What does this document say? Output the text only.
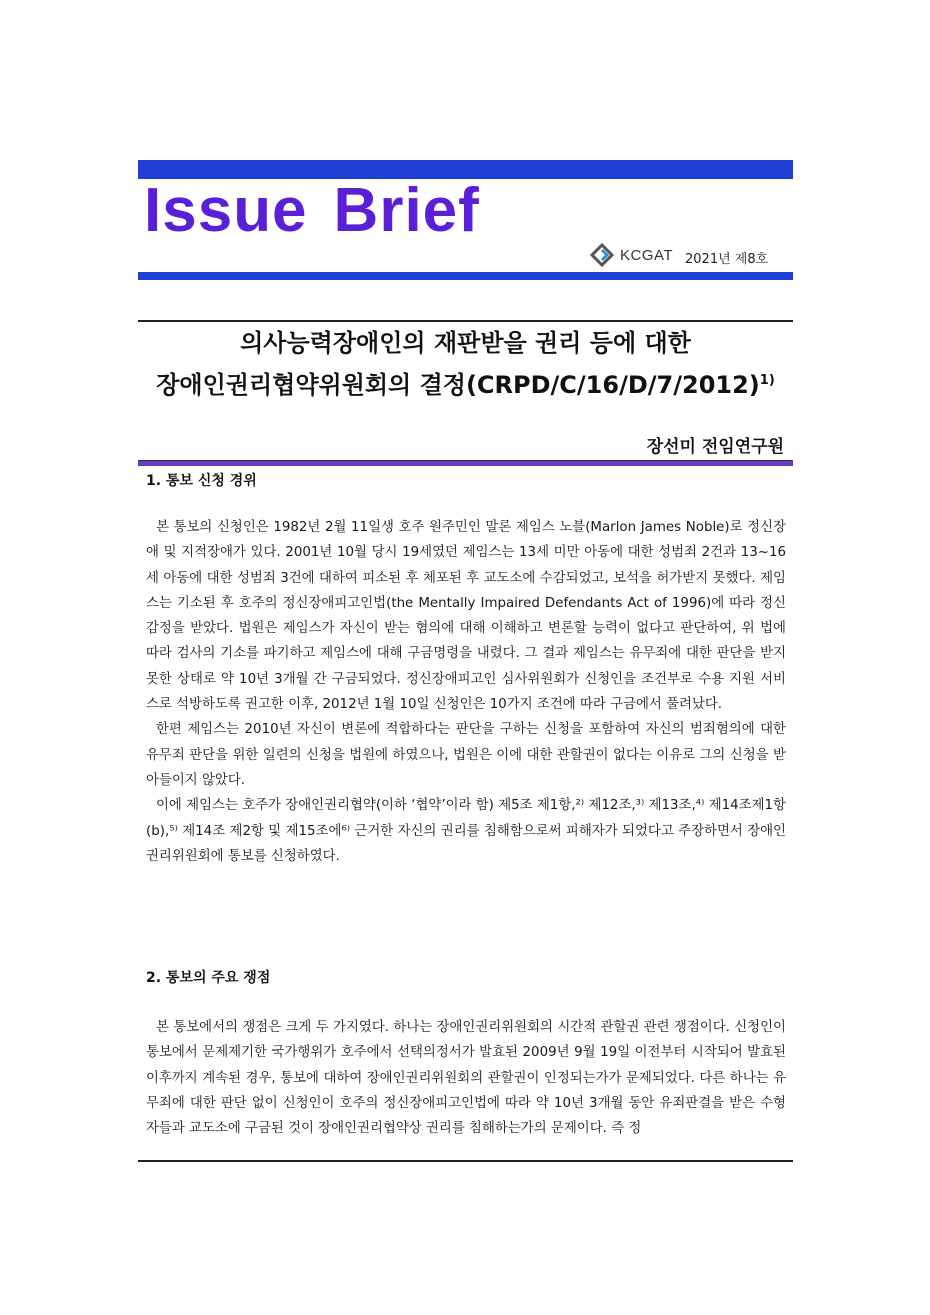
Issue Brief
KCGAT 2021년 제8호
의사능력장애인의 재판받을 권리 등에 대한
장애인권리협약위원회의 결정(CRPD/C/16/D/7/2012)$^{1)}$
장선미 전임연구원
1. 통보 신청 경위

본 통보의 신청인은 1982년 2월 11일생 호주 원주민인 말론 제임스 노블(Marlon James Noble)로 정신장애 및 지적장애가 있다. 2001년 10월 당시 19세였던 제임스는 13세 미만 아동에 대한 성범죄 2건과 13~16세 아동에 대한 성범죄 3건에 대하여 피소된 후 체포된 후 교도소에 수감되었고, 보석을 허가받지 못했다. 제임스는 기소된 후 호주의 정신장애피고인법(the Mentally Impaired Defendants Act of 1996)에 따라 정신감정을 받았다. 법원은 제임스가 자신이 받는 혐의에 대해 이해하고 변론할 능력이 없다고 판단하여, 위 법에 따라 검사의 기소를 파기하고 제임스에 대해 구금명령을 내렸다. 그 결과 제임스는 유무죄에 대한 판단을 받지 못한 상태로 약 10년 3개월 간 구금되었다. 정신장애피고인 심사위원회가 신청인을 조건부로 수용 지원 서비스로 석방하도록 권고한 이후, 2012년 1월 10일 신청인은 10가지 조건에 따라 구금에서 풀려났다.

한편 제임스는 2010년 자신이 변론에 적합하다는 판단을 구하는 신청을 포함하여 자신의 범죄혐의에 대한 유무죄 판단을 위한 일련의 신청을 법원에 하였으나, 법원은 이에 대한 관할권이 없다는 이유로 그의 신청을 받아들이지 않았다.

이에 제임스는 호주가 장애인권리협약(이하 ‘협약’이라 함) 제5조 제1항,²⁾ 제12조,³⁾ 제13조,⁴⁾ 제14조제1항 (b),⁵⁾ 제14조 제2항 및 제15조에⁶⁾ 근거한 자신의 권리를 침해함으로써 피해자가 되었다고 주장하면서 장애인권리위원회에 통보를 신청하였다.

2. 통보의 주요 쟁점

본 통보에서의 쟁점은 크게 두 가지였다. 하나는 장애인권리위원회의 시간적 관할권 관련 쟁점이다. 신청인이 통보에서 문제제기한 국가행위가 호주에서 선택의정서가 발효된 2009년 9월 19일 이전부터 시작되어 발효된 이후까지 계속된 경우, 통보에 대하여 장애인권리위원회의 관할권이 인정되는가가 문제되었다. 다른 하나는 유무죄에 대한 판단 없이 신청인이 호주의 정신장애피고인법에 따라 약 10년 3개월 동안 유죄판결을 받은 수형자들과 교도소에 구금된 것이 장애인권리협약상 권리를 침해하는가의 문제이다. 즉 정
